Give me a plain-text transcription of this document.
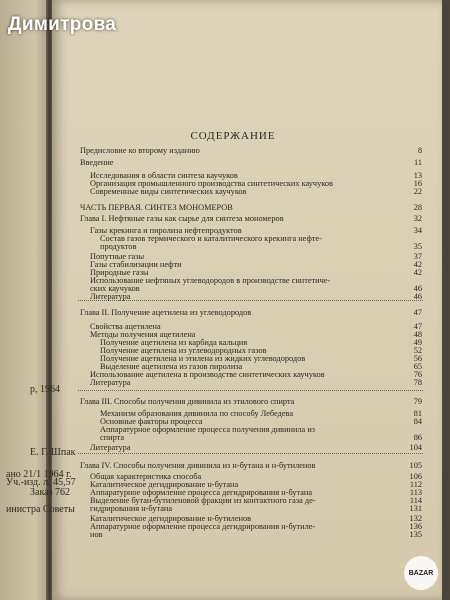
Димитрова
р, 1964
Е. Г. Шпак
ано 21/1 1964 г.
Уч.-изд. л. 45,57
Заказ 762
инистра Советы
СОДЕРЖАНИЕ
Предисловие ко второму изданию	8
Введение	11
Исследования в области синтеза каучуков	13
Организация промышленного производства синтетических каучуков	16
Современные виды синтетических каучуков	22
ЧАСТЬ ПЕРВАЯ. СИНТЕЗ МОНОМЕРОВ	28
Глава I. Нефтяные газы как сырье для синтеза мономеров	32
Газы крекинга и пиролиза нефтепродуктов	34
Состав газов термического и каталитического крекинга нефте-
продуктов	35
Попутные газы	37
Газы стабилизации нефти	42
Природные газы	42
Использование нефтяных углеводородов в производстве синтетиче-
ских каучуков	46
Литература	46
Глава II. Получение ацетилена из углеводородов	47
Свойства ацетилена	47
Методы получения ацетилена	48
Получение ацетилена из карбида кальция	49
Получение ацетилена из углеводородных газов	52
Получение ацетилена и этилена из жидких углеводородов	56
Выделение ацетилена из газов пиролиза	65
Использование ацетилена в производстве синтетических каучуков	76
Литература	78
Глава III. Способы получения дивинила из этилового спирта	79
Механизм образования дивинила по способу Лебедева	81
Основные факторы процесса	84
Аппаратурное оформление процесса получения дивинила из
спирта	86
Литература	104
Глава IV. Способы получения дивинила из н-бутана и н-бутиленов	105
Общая характеристика способа	106
Каталитическое дегидрирование н-бутана	112
Аппаратурное оформление процесса дегидрирования н-бутана	113
Выделение бутан-бутиленовой фракции из контактного газа де-	114
гидрирования н-бутана	131
Каталитическое дегидрирование н-бутиленов	132
Аппаратурное оформление процесса дегидрирования н-бутиле-	136
нов	135
BAZAR
